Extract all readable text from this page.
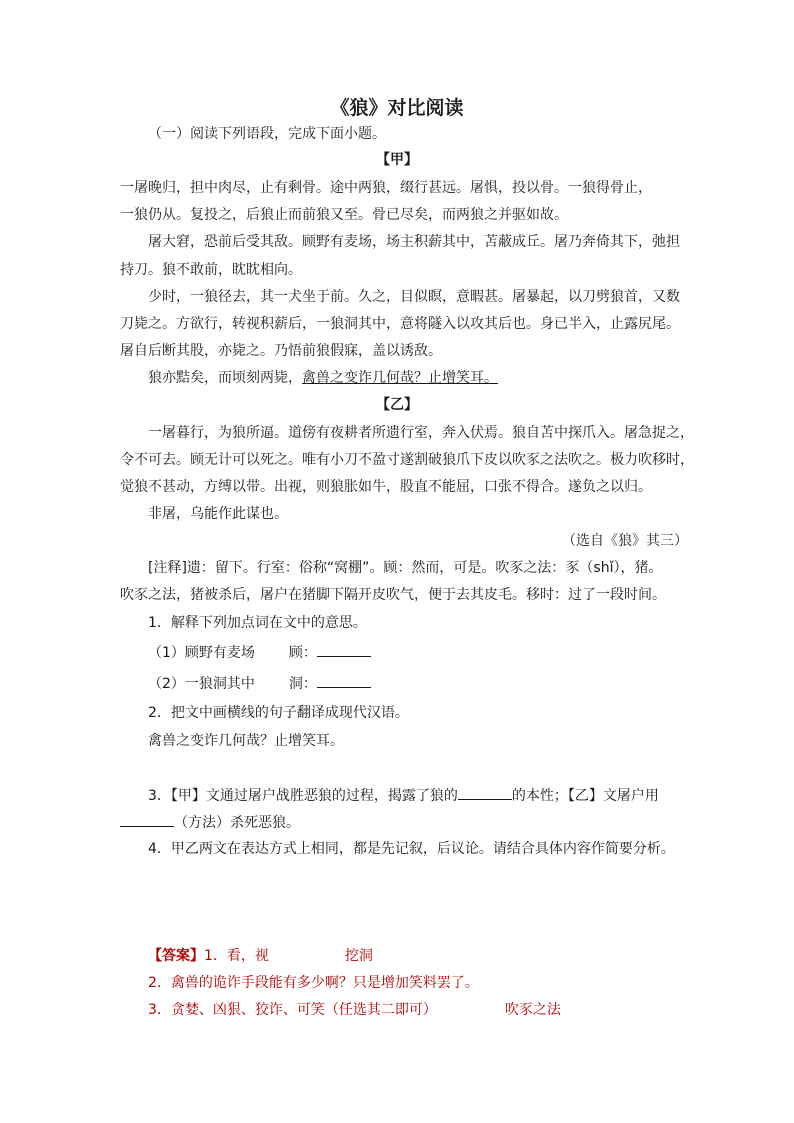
《狼》对比阅读
（一）阅读下列语段，完成下面小题。
【甲】
一屠晚归，担中肉尽，止有剩骨。途中两狼，缀行甚远。屠惧，投以骨。一狼得骨止，
一狼仍从。复投之，后狼止而前狼又至。骨已尽矣，而两狼之并驱如故。
屠大窘，恐前后受其敌。顾野有麦场，场主积薪其中，苫蔽成丘。屠乃奔倚其下，弛担
持刀。狼不敢前，眈眈相向。
少时，一狼径去，其一犬坐于前。久之，目似瞑，意暇甚。屠暴起，以刀劈狼首，又数
刀毙之。方欲行，转视积薪后，一狼洞其中，意将隧入以攻其后也。身已半入，止露尻尾。
屠自后断其股，亦毙之。乃悟前狼假寐，盖以诱敌。
狼亦黠矣，而顷刻两毙，禽兽之变诈几何哉？止增笑耳。
【乙】
一屠暮行，为狼所逼。道傍有夜耕者所遗行室，奔入伏焉。狼自苫中探爪入。屠急捉之，
令不可去。顾无计可以死之。唯有小刀不盈寸遂割破狼爪下皮以吹豕之法吹之。极力吹移时，
觉狼不甚动，方缚以带。出视，则狼胀如牛，股直不能屈，口张不得合。遂负之以归。
非屠，乌能作此谋也。
（选自《狼》其三）
[注释]遗：留下。行室：俗称“窝棚”。顾：然而，可是。吹豕之法：豕（shǐ），猪。
吹豕之法，猪被杀后，屠户在猪脚下隔开皮吹气，便于去其皮毛。移时：过了一段时间。
1．解释下列加点词在文中的意思。
（1）顾野有麦场 顾：
（2）一狼洞其中 洞：
2．把文中画横线的句子翻译成现代汉语。
禽兽之变诈几何哉？止增笑耳。
3．【甲】文通过屠户战胜恶狼的过程，揭露了狼的	的本性；【乙】文屠户用
（方法）杀死恶狼。
4．甲乙两文在表达方式上相同，都是先记叙，后议论。请结合具体内容作简要分析。
【答案】1．看，视	挖洞
2．禽兽的诡诈手段能有多少啊？只是增加笑料罢了。
3．贪婪、凶狠、狡诈、可笑（任选其二即可）	吹豕之法
